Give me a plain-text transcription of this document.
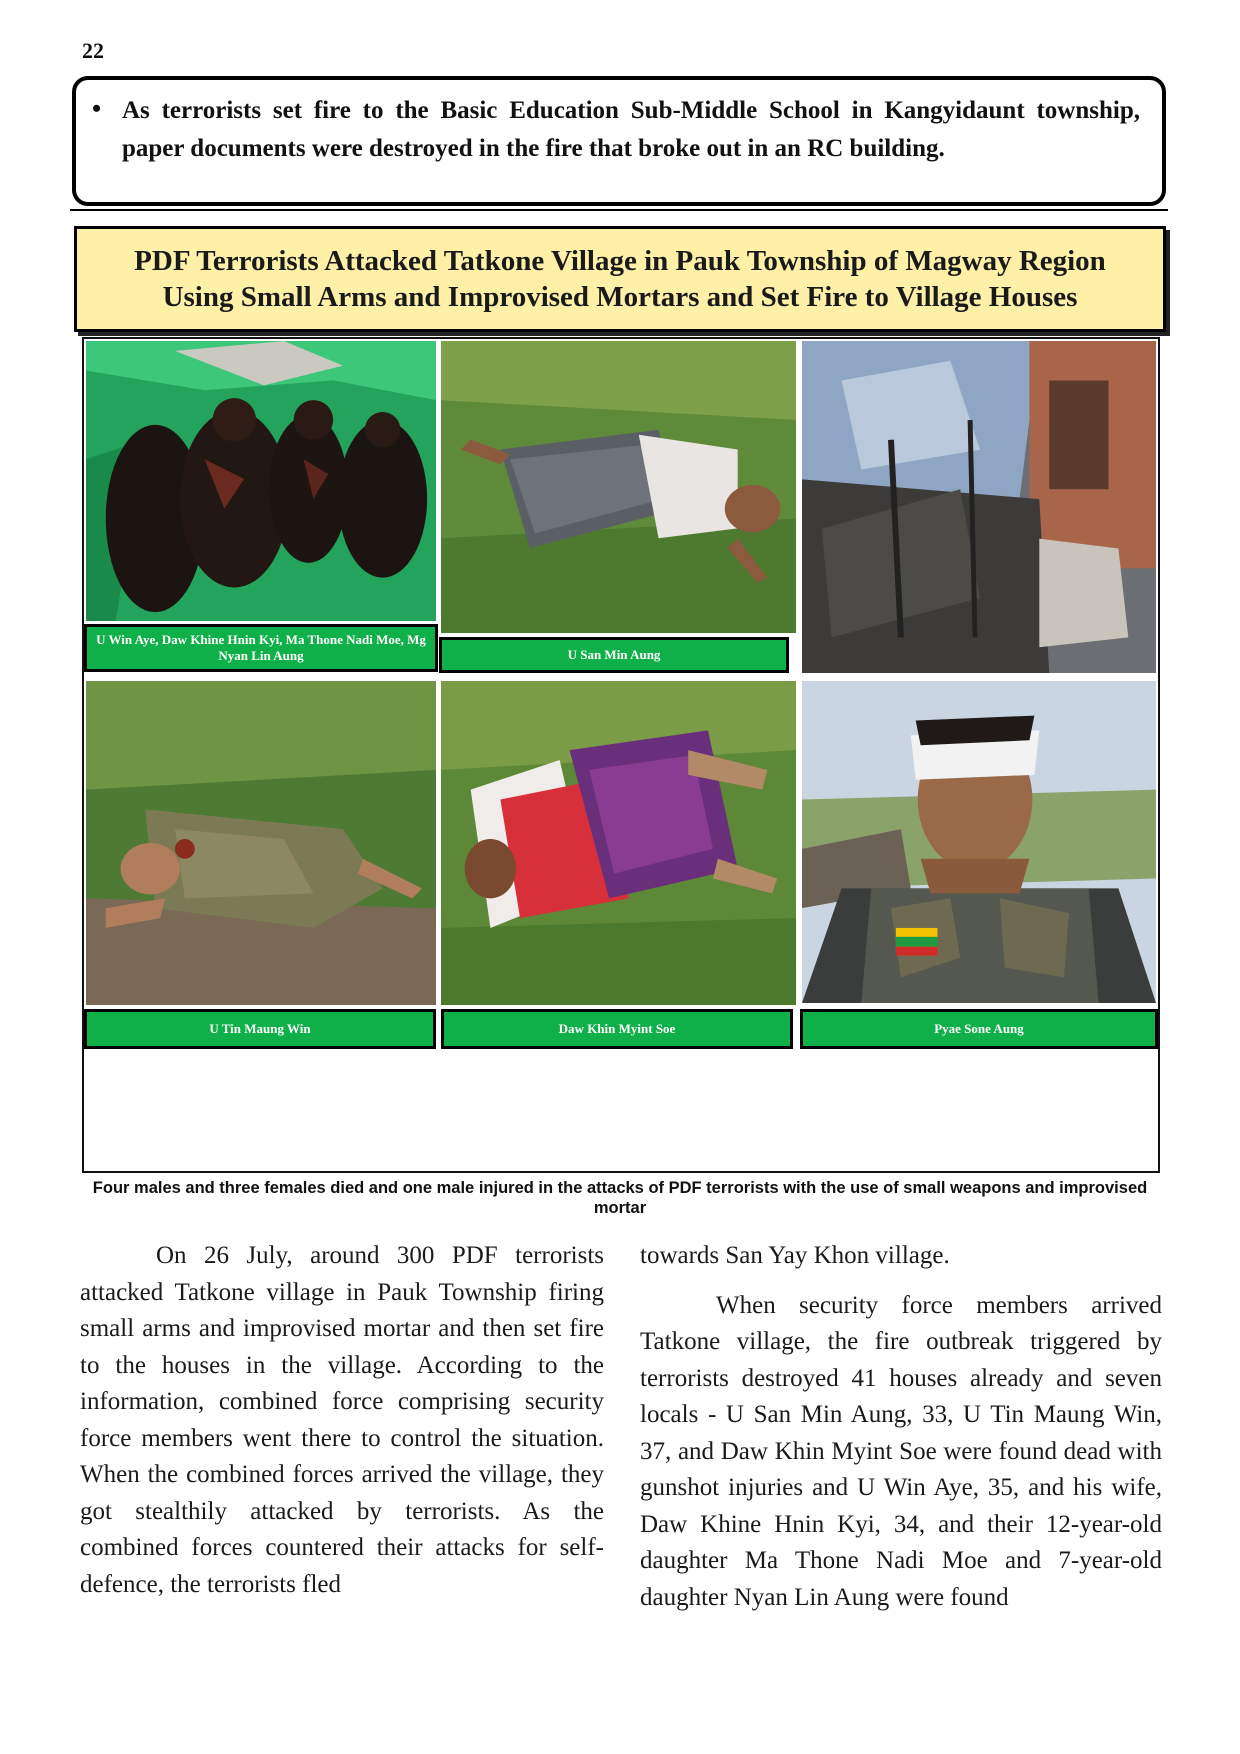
22
• As terrorists set fire to the Basic Education Sub-Middle School in Kangyidaunt township, paper documents were destroyed in the fire that broke out in an RC building.
PDF Terrorists Attacked Tatkone Village in Pauk Township of Magway Region
Using Small Arms and Improvised Mortars and Set Fire to Village Houses
U Win Aye, Daw Khine Hnin Kyi, Ma Thone Nadi Moe, Mg Nyan Lin Aung	U San Min Aung
U Tin Maung Win	Daw Khin Myint Soe	Pyae Sone Aung
Four males and three females died and one male injured in the attacks of PDF terrorists with the use of small weapons and improvised mortar

On 26 July, around 300 PDF terrorists attacked Tatkone village in Pauk Township firing small arms and improvised mortar and then set fire to the houses in the village. According to the information, combined force comprising security force members went there to control the situation. When the combined forces arrived the village, they got stealthily attacked by terrorists. As the combined forces countered their attacks for self-defence, the terrorists fled

towards San Yay Khon village.

When security force members arrived Tatkone village, the fire outbreak triggered by terrorists destroyed 41 houses already and seven locals - U San Min Aung, 33, U Tin Maung Win, 37, and Daw Khin Myint Soe were found dead with gunshot injuries and U Win Aye, 35, and his wife, Daw Khine Hnin Kyi, 34, and their 12-year-old daughter Ma Thone Nadi Moe and 7-year-old daughter Nyan Lin Aung were found
